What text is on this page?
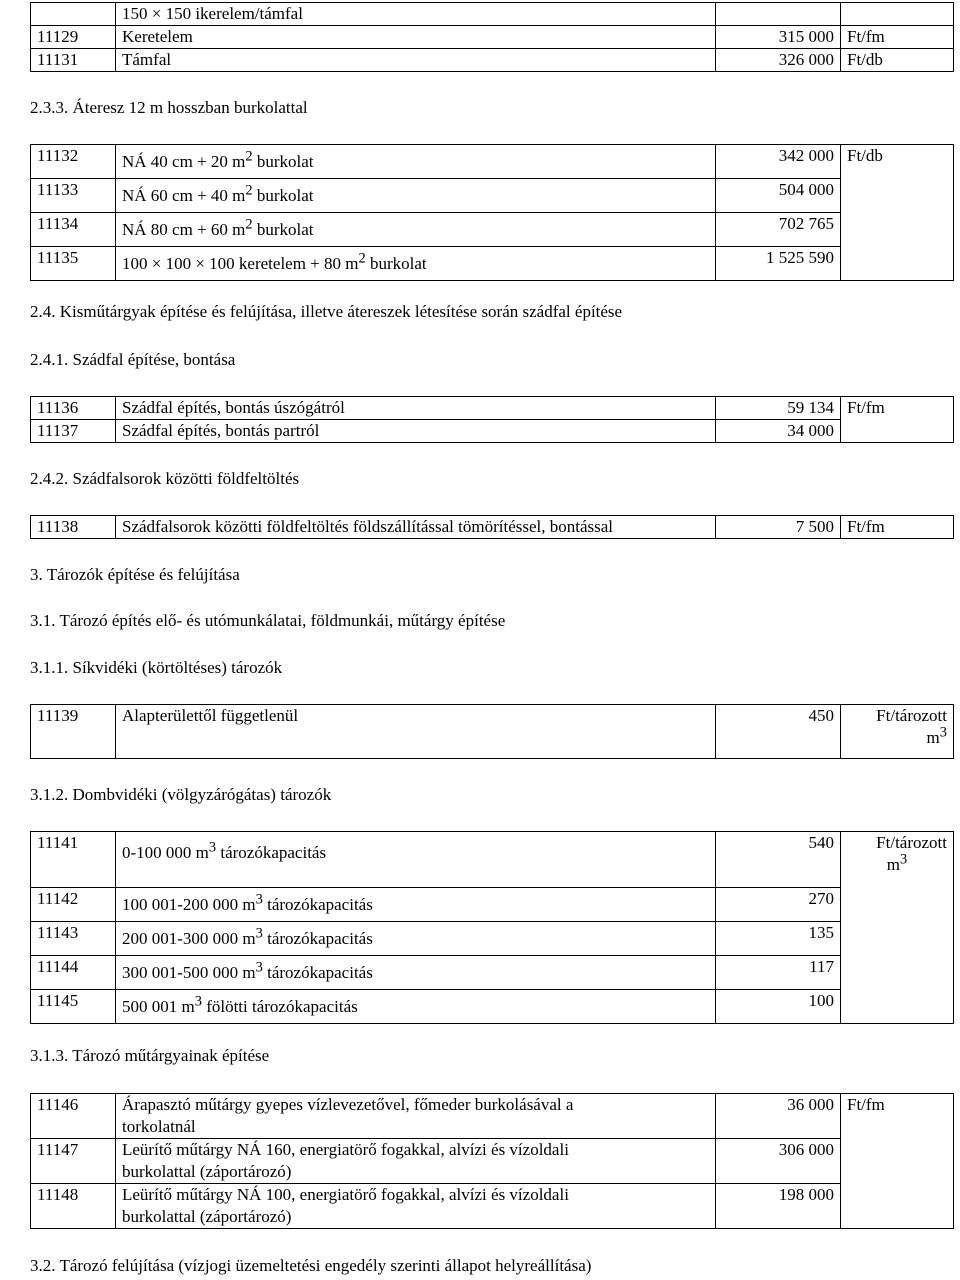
	150 × 150 ikerelem/támfal		
11129	Keretelem	315 000	Ft/fm
11131	Támfal	326 000	Ft/db
2.3.3. Áteresz 12 m hosszban burkolattal
11132	NÁ 40 cm + 20 $m^2$ burkolat	342 000	Ft/db
11133	NÁ 60 cm + 40 $m^2$ burkolat	504 000	
11134	NÁ 80 cm + 60 $m^2$ burkolat	702 765	
11135	100 × 100 × 100 keretelem + 80 $m^2$ burkolat	1 525 590	
2.4. Kisműtárgyak építése és felújítása, illetve átereszek létesítése során szádfal építése
2.4.1. Szádfal építése, bontása
11136	Szádfal építés, bontás úszógátról	59 134	Ft/fm
11137	Szádfal építés, bontás partról	34 000	
2.4.2. Szádfalsorok közötti földfeltöltés
11138	Szádfalsorok közötti földfeltöltés földszállítással tömörítéssel, bontással	7 500	Ft/fm
3. Tározók építése és felújítása
3.1. Tározó építés elő- és utómunkálatai, földmunkái, műtárgy építése
3.1.1. Síkvidéki (körtöltéses) tározók
11139	Alapterülettől függetlenül	450	Ft/tározott
$m^3$
3.1.2. Dombvidéki (völgyzárógátas) tározók
11141	0-100 000 $m^3$ tározókapacitás	540	Ft/tározott
$m^3$

11142	100 001-200 000 $m^3$ tározókapacitás	270	
11143	200 001-300 000 $m^3$ tározókapacitás	135	
11144	300 001-500 000 $m^3$ tározókapacitás	117	
11145	500 001 $m^3$ fölötti tározókapacitás	100	
3.1.3. Tározó műtárgyainak építése
11146	Árapasztó műtárgy gyepes vízlevezetővel, főmeder burkolásával a
torkolatnál	36 000	Ft/fm
11147	Leürítő műtárgy NÁ 160, energiatörő fogakkal, alvízi és vízoldali
burkolattal (záportározó)	306 000	
11148	Leürítő műtárgy NÁ 100, energiatörő fogakkal, alvízi és vízoldali
burkolattal (záportározó)	198 000	
3.2. Tározó felújítása (vízjogi üzemeltetési engedély szerinti állapot helyreállítása)
